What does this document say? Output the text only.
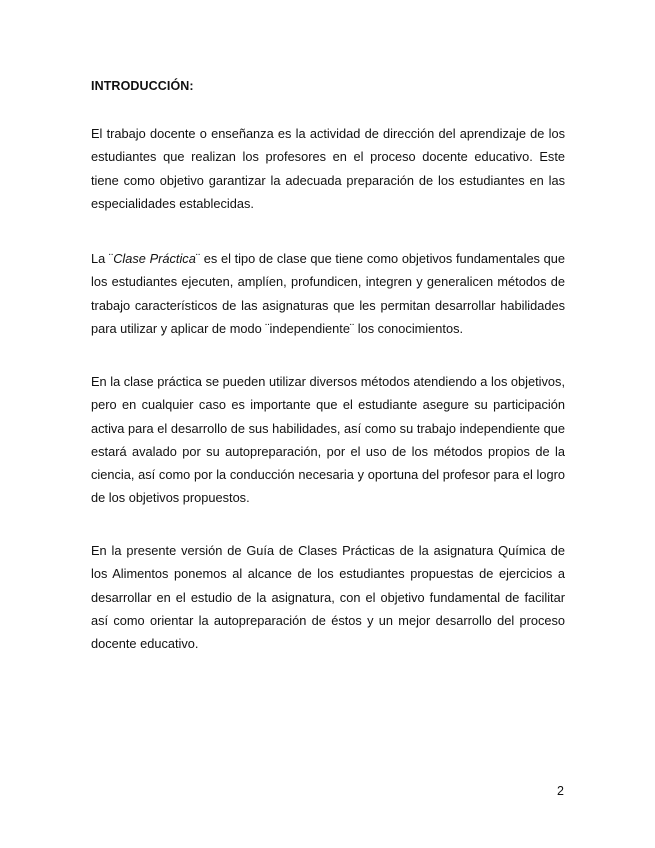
INTRODUCCIÓN:

El trabajo docente o enseñanza es la actividad de dirección del aprendizaje de los estudiantes que realizan los profesores en el proceso docente educativo. Este tiene como objetivo garantizar la adecuada preparación de los estudiantes en las especialidades establecidas.

La ¨Clase Práctica¨ es el tipo de clase que tiene como objetivos fundamentales que los estudiantes ejecuten, amplíen, profundicen, integren y generalicen métodos de trabajo característicos de las asignaturas que les permitan desarrollar habilidades para utilizar y aplicar de modo ¨independiente¨ los conocimientos.

En la clase práctica se pueden utilizar diversos métodos atendiendo a los objetivos, pero en cualquier caso es importante que el estudiante asegure su participación activa para el desarrollo de sus habilidades, así como su trabajo independiente que estará avalado por su autopreparación, por el uso de los métodos propios de la ciencia, así como por la conducción necesaria y oportuna del profesor para el logro de los objetivos propuestos.

En la presente versión de Guía de Clases Prácticas de la asignatura Química de los Alimentos ponemos al alcance de los estudiantes propuestas de ejercicios a desarrollar en el estudio de la asignatura, con el objetivo fundamental de facilitar así como orientar la autopreparación de éstos y un mejor desarrollo del proceso docente educativo.

2
